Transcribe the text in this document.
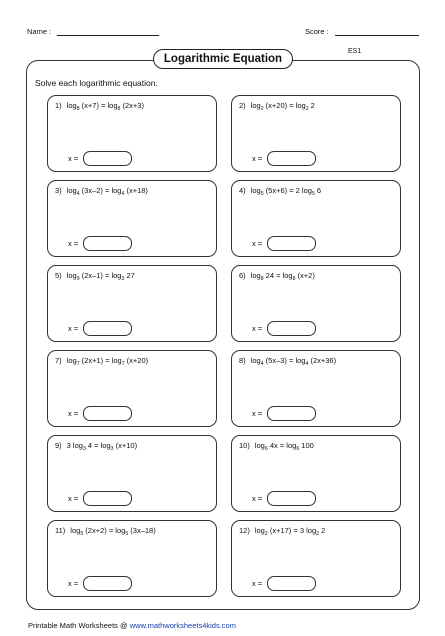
Name :	Score :
Logarithmic Equation
ES1
Solve each logarithmic equation.
1) $\log_8 (x+7) = \log_8 (2x+3)$
x =
2) $\log_2 (x+20) = \log_2 2$
x =
3) $\log_4 (3x-2) = \log_4 (x+18)$
x =
4) $\log_5 (5x+6) = 2$ $\log_5 6$
x =
5) $\log_9 (2x-1) = \log_3 27$
x =
6) $\log_8 24 = \log_8 (x+2)$
x =
7) $\log_7 (2x+1) = \log_7 (x+20)$
x =
8) $\log_4 (5x-3) = \log_4 (2x+36)$
x =
9) 3 $\log_3 4 = \log_3 (x+10)$
x =
10) $\log_6 4x = \log_6 100$
x =
11) $\log_5 (2x+2) = \log_5 (3x-18)$
x =
12) $\log_2 (x+17) = 3$ $\log_2 2$
x =
Printable Math Worksheets @ www.mathworksheets4kids.com
